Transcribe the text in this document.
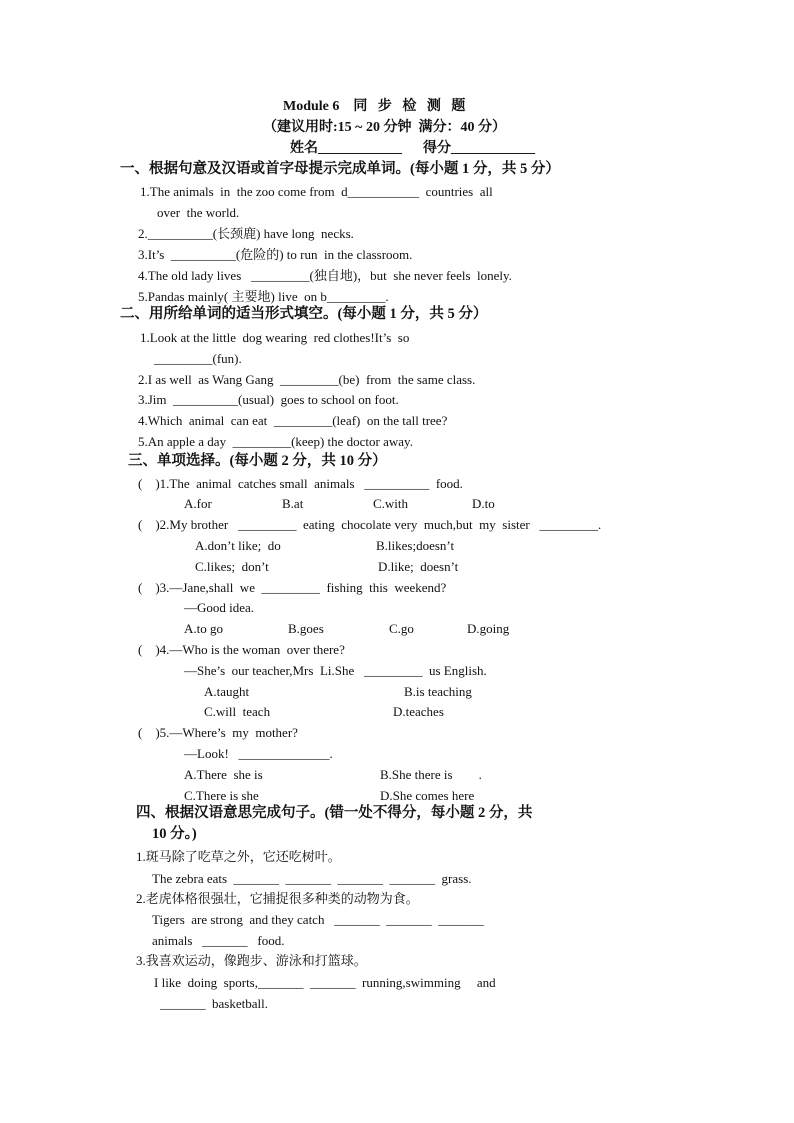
Module 6    同   步   检   测   题
（建议用时:15 ~ 20 分钟  满分：40 分）
姓名____________      得分____________
一、根据句意及汉语或首字母提示完成单词。(每小题 1 分，共 5 分）
1.The animals  in  the zoo come from  d___________  countries  all
over  the world.
2.__________(长颈鹿) have long  necks.
3.It’s  __________(危险的) to run  in the classroom.
4.The old lady lives   _________(独自地)，but  she never feels  lonely.
5.Pandas mainly( 主要地) live  on b_________.
二、用所给单词的适当形式填空。(每小题 1 分，共 5 分）
1.Look at the little  dog wearing  red clothes!It’s  so
_________(fun).
2.I as well  as Wang Gang  _________(be)  from  the same class.
3.Jim  __________(usual)  goes to school on foot.
4.Which  animal  can eat  _________(leaf)  on the tall tree?
5.An apple a day  _________(keep) the doctor away.
三、单项选择。(每小题 2 分，共 10 分）
(    )1.The  animal  catches small  animals   __________  food.
A.for	B.at	C.with	D.to
(    )2.My brother   _________  eating  chocolate very  much,but  my  sister   _________.
A.don’t like;  do	B.likes;doesn’t
C.likes;  don’t	D.like;  doesn’t
(    )3.—Jane,shall  we  _________  fishing  this  weekend?
—Good idea.
A.to go	B.goes	C.go	D.going
(    )4.—Who is the woman  over there?
—She’s  our teacher,Mrs  Li.She   _________  us English.
A.taught	B.is teaching
C.will  teach	D.teaches
(    )5.—Where’s  my  mother?
—Look!   ______________.
A.There  she is	B.She there is        .
C.There is she	D.She comes here
四、根据汉语意思完成句子。(错一处不得分，每小题 2 分，共
10 分。)
1.斑马除了吃草之外，它还吃树叶。
The zebra eats  _______  _______  _______  _______  grass.
2.老虎体格很强壮，它捕捉很多种类的动物为食。
Tigers  are strong  and they catch   _______  _______  _______
animals   _______   food.
3.我喜欢运动，像跑步、游泳和打篮球。
I like  doing  sports,_______  _______  running,swimming     and
_______  basketball.
